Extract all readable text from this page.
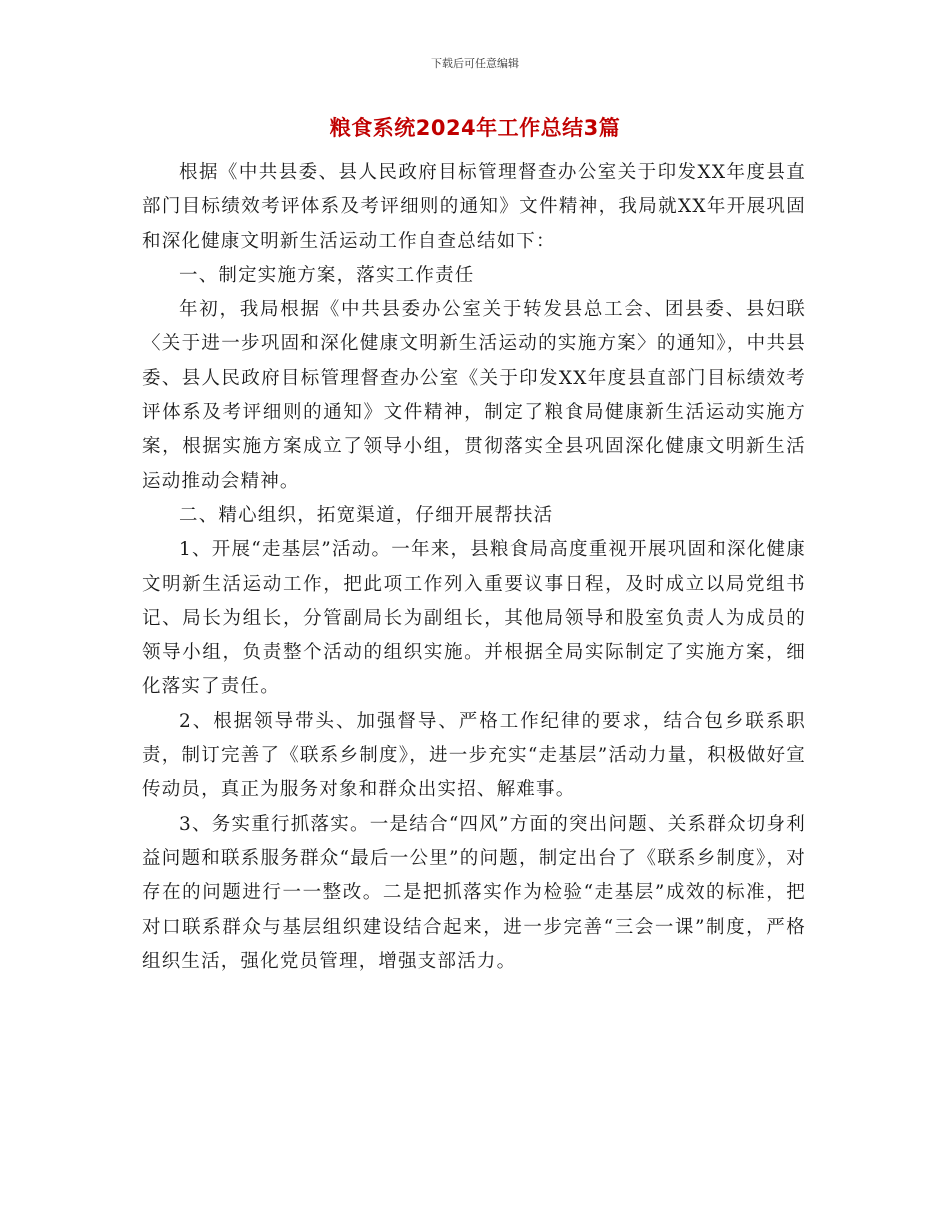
下载后可任意编辑
粮食系统2024年工作总结3篇

根据《中共县委、县人民政府目标管理督查办公室关于印发XX年度县直部门目标绩效考评体系及考评细则的通知》文件精神，我局就XX年开展巩固和深化健康文明新生活运动工作自查总结如下：

一、制定实施方案，落实工作责任

年初，我局根据《中共县委办公室关于转发县总工会、团县委、县妇联〈关于进一步巩固和深化健康文明新生活运动的实施方案〉的通知》，中共县委、县人民政府目标管理督查办公室《关于印发XX年度县直部门目标绩效考评体系及考评细则的通知》文件精神，制定了粮食局健康新生活运动实施方案，根据实施方案成立了领导小组，贯彻落实全县巩固深化健康文明新生活运动推动会精神。

二、精心组织，拓宽渠道，仔细开展帮扶活

1、开展“走基层”活动。一年来，县粮食局高度重视开展巩固和深化健康文明新生活运动工作，把此项工作列入重要议事日程，及时成立以局党组书记、局长为组长，分管副局长为副组长，其他局领导和股室负责人为成员的领导小组，负责整个活动的组织实施。并根据全局实际制定了实施方案，细化落实了责任。

2、根据领导带头、加强督导、严格工作纪律的要求，结合包乡联系职责，制订完善了《联系乡制度》，进一步充实“走基层”活动力量，积极做好宣传动员，真正为服务对象和群众出实招、解难事。

3、务实重行抓落实。一是结合“四风”方面的突出问题、关系群众切身利益问题和联系服务群众“最后一公里”的问题，制定出台了《联系乡制度》，对存在的问题进行一一整改。二是把抓落实作为检验“走基层”成效的标准，把对口联系群众与基层组织建设结合起来，进一步完善“三会一课”制度，严格组织生活，强化党员管理，增强支部活力。
